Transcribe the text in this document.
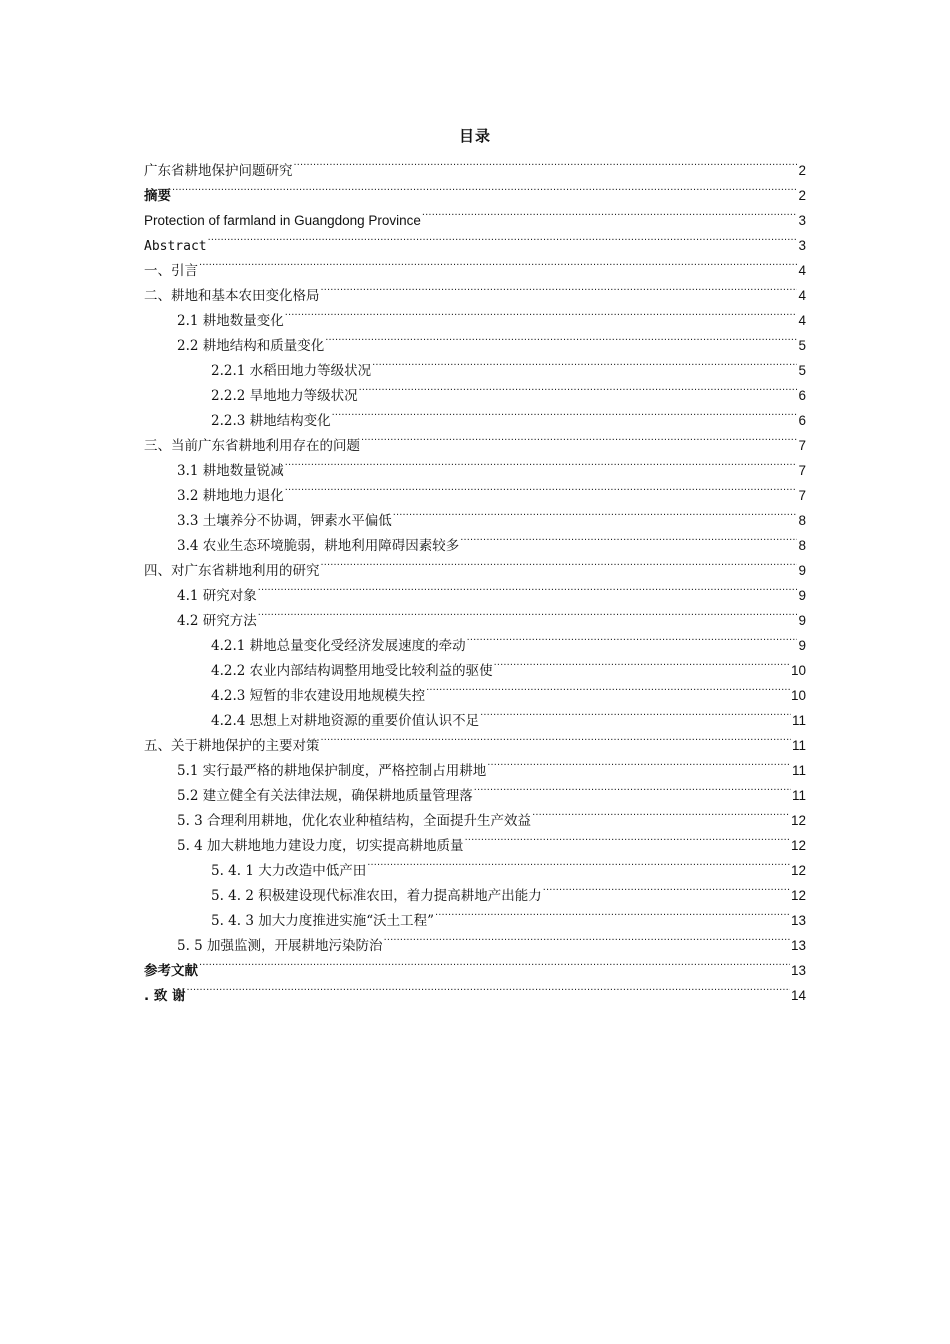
目录
广东省耕地保护问题研究 .....	2
摘要 .....	2
Protection of farmland in Guangdong Province .....	3
Abstract .....	3
一、引言 .....	4
二、耕地和基本农田变化格局 .....	4
2.1 耕地数量变化 .....	4
2.2 耕地结构和质量变化 .....	5
2.2.1 水稻田地力等级状况 .....	5
2.2.2 旱地地力等级状况 .....	6
2.2.3 耕地结构变化 .....	6
三、当前广东省耕地利用存在的问题 .....	7
3.1 耕地数量锐减 .....	7
3.2 耕地地力退化 .....	7
3.3 土壤养分不协调，钾素水平偏低 .....	8
3.4 农业生态环境脆弱，耕地利用障碍因素较多 .....	8
四、对广东省耕地利用的研究 .....	9
4.1 研究对象 .....	9
4.2 研究方法 .....	9
4.2.1 耕地总量变化受经济发展速度的牵动 .....	9
4.2.2 农业内部结构调整用地受比较利益的驱使 .....	10
4.2.3 短暂的非农建设用地规模失控 .....	10
4.2.4 思想上对耕地资源的重要价值认识不足 .....	11
五、关于耕地保护的主要对策 .....	11
5.1 实行最严格的耕地保护制度，严格控制占用耕地 .....	11
5.2 建立健全有关法律法规，确保耕地质量管理落 .....	11
5. 3 合理利用耕地，优化农业种植结构，全面提升生产效益 .....	12
5. 4 加大耕地地力建设力度，切实提高耕地质量 .....	12
5. 4. 1 大力改造中低产田 .....	12
5. 4. 2 积极建设现代标准农田，着力提高耕地产出能力 .....	12
5. 4. 3 加大力度推进实施“沃土工程” .....	13
5. 5 加强监测，开展耕地污染防治 .....	13
参考文献 .....	13
. 致 谢 .....	14
